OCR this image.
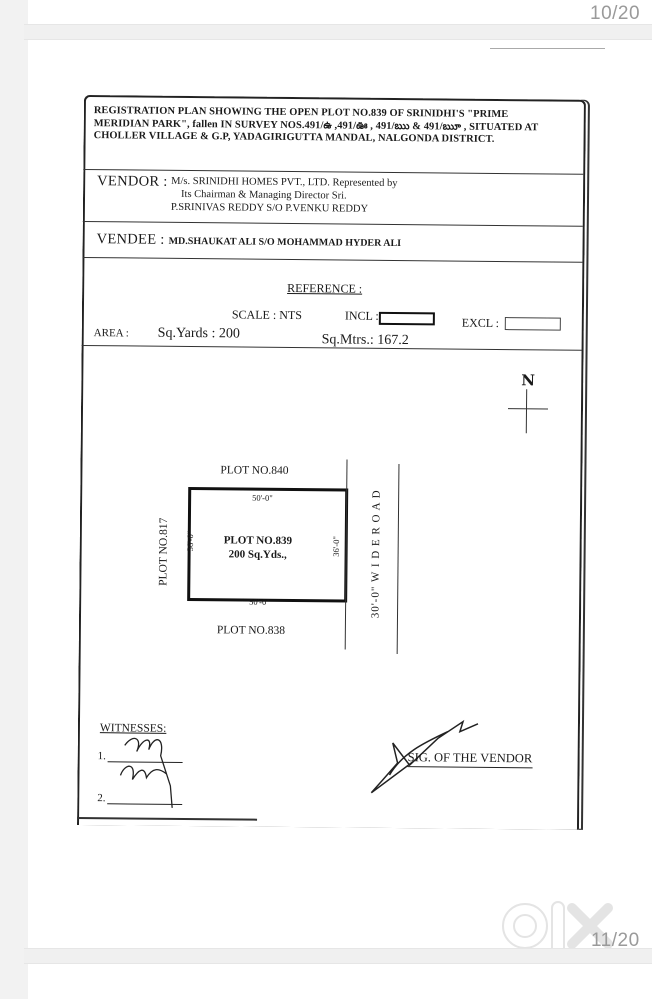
10/20
REGISTRATION PLAN SHOWING THE OPEN PLOT NO.839 OF SRINIDHI'S "PRIME MERIDIAN PARK", fallen IN SURVEY NOS.491/ఉ ,491/ఊ , 491/ఋ & 491/ౠ , SITUATED AT CHOLLER VILLAGE & G.P, YADAGIRIGUTTA MANDAL, NALGONDA DISTRICT.
VENDOR : M/s. SRINIDHI HOMES PVT., LTD. Represented by
Its Chairman & Managing Director Sri.
P.SRINIVAS REDDY S/O P.VENKU REDDY
VENDEE : MD.SHAUKAT ALI S/O MOHAMMAD HYDER ALI
REFERENCE :
SCALE : NTS	INCL :	EXCL :
AREA : Sq.Yards : 200	Sq.Mtrs.: 167.2
N
PLOT NO.840
PLOT NO.838
PLOT NO.817
50'-0"
50'-0"
36'-0"	36'-0"
PLOT NO.839
200 Sq.Yds.,	30'-0" W I D E R O A D
WITNESSES:
1.
2.
SIG. OF THE VENDOR
11/20
